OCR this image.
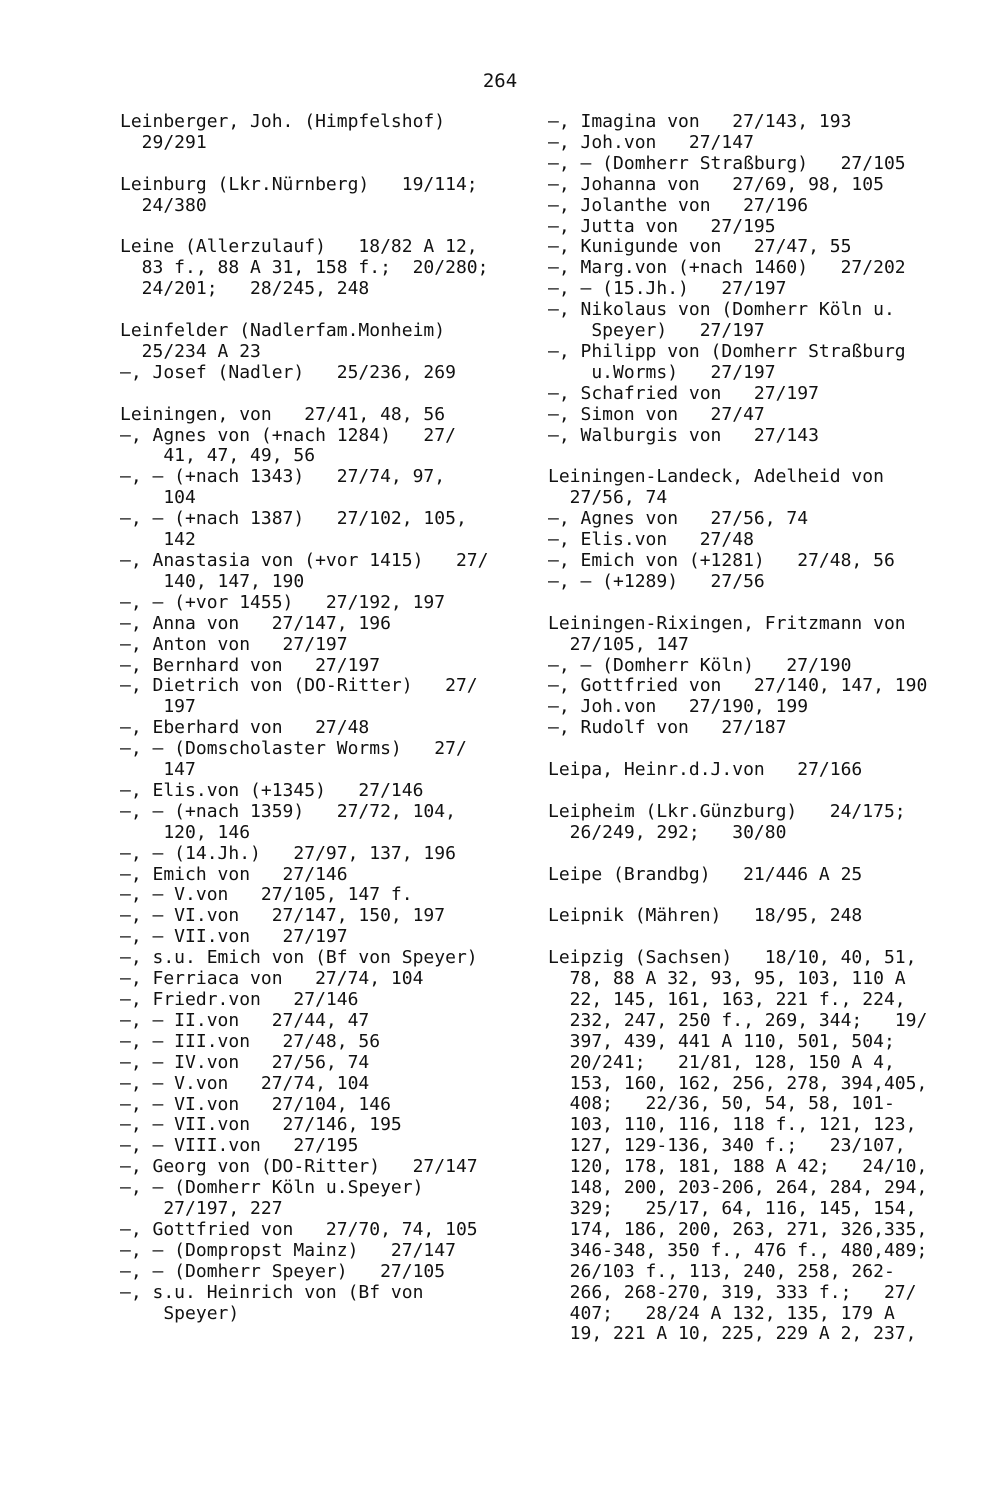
264

Leinberger, Joh. (Himpfelshof)

29/291

Leinburg (Lkr.Nürnberg)   19/114;

24/380

Leine (Allerzulauf)   18/82 A 12,

83 f., 88 A 31, 158 f.;  20/280;

24/201;   28/245, 248

Leinfelder (Nadlerfam.Monheim)

25/234 A 23

—, Josef (Nadler)   25/236, 269

Leiningen, von   27/41, 48, 56

—, Agnes von (+nach 1284)   27/

41, 47, 49, 56

—, — (+nach 1343)   27/74, 97,

104

—, — (+nach 1387)   27/102, 105,

142

—, Anastasia von (+vor 1415)   27/

140, 147, 190

—, — (+vor 1455)   27/192, 197

—, Anna von   27/147, 196

—, Anton von   27/197

—, Bernhard von   27/197

—, Dietrich von (DO-Ritter)   27/

197

—, Eberhard von   27/48

—, — (Domscholaster Worms)   27/

147

—, Elis.von (+1345)   27/146

—, — (+nach 1359)   27/72, 104,

120, 146

—, — (14.Jh.)   27/97, 137, 196

—, Emich von   27/146

—, — V.von   27/105, 147 f.

—, — VI.von   27/147, 150, 197

—, — VII.von   27/197

—, s.u. Emich von (Bf von Speyer)

—, Ferriaca von   27/74, 104

—, Friedr.von   27/146

—, — II.von   27/44, 47

—, — III.von   27/48, 56

—, — IV.von   27/56, 74

—, — V.von   27/74, 104

—, — VI.von   27/104, 146

—, — VII.von   27/146, 195

—, — VIII.von   27/195

—, Georg von (DO-Ritter)   27/147

—, — (Domherr Köln u.Speyer)

27/197, 227

—, Gottfried von   27/70, 74, 105

—, — (Dompropst Mainz)   27/147

—, — (Domherr Speyer)   27/105

—, s.u. Heinrich von (Bf von

Speyer)

—, Imagina von   27/143, 193

—, Joh.von   27/147

—, — (Domherr Straßburg)   27/105

—, Johanna von   27/69, 98, 105

—, Jolanthe von   27/196

—, Jutta von   27/195

—, Kunigunde von   27/47, 55

—, Marg.von (+nach 1460)   27/202

—, — (15.Jh.)   27/197

—, Nikolaus von (Domherr Köln u.

Speyer)   27/197

—, Philipp von (Domherr Straßburg

u.Worms)   27/197

—, Schafried von   27/197

—, Simon von   27/47

—, Walburgis von   27/143

Leiningen-Landeck, Adelheid von

27/56, 74

—, Agnes von   27/56, 74

—, Elis.von   27/48

—, Emich von (+1281)   27/48, 56

—, — (+1289)   27/56

Leiningen-Rixingen, Fritzmann von

27/105, 147

—, — (Domherr Köln)   27/190

—, Gottfried von   27/140, 147, 190

—, Joh.von   27/190, 199

—, Rudolf von   27/187

Leipa, Heinr.d.J.von   27/166

Leipheim (Lkr.Günzburg)   24/175;

26/249, 292;   30/80

Leipe (Brandbg)   21/446 A 25

Leipnik (Mähren)   18/95, 248

Leipzig (Sachsen)   18/10, 40, 51,

78, 88 A 32, 93, 95, 103, 110 A

22, 145, 161, 163, 221 f., 224,

232, 247, 250 f., 269, 344;   19/

397, 439, 441 A 110, 501, 504;

20/241;   21/81, 128, 150 A 4,

153, 160, 162, 256, 278, 394,405,

408;   22/36, 50, 54, 58, 101-

103, 110, 116, 118 f., 121, 123,

127, 129-136, 340 f.;   23/107,

120, 178, 181, 188 A 42;   24/10,

148, 200, 203-206, 264, 284, 294,

329;   25/17, 64, 116, 145, 154,

174, 186, 200, 263, 271, 326,335,

346-348, 350 f., 476 f., 480,489;

26/103 f., 113, 240, 258, 262-

266, 268-270, 319, 333 f.;   27/

407;   28/24 A 132, 135, 179 A

19, 221 A 10, 225, 229 A 2, 237,
